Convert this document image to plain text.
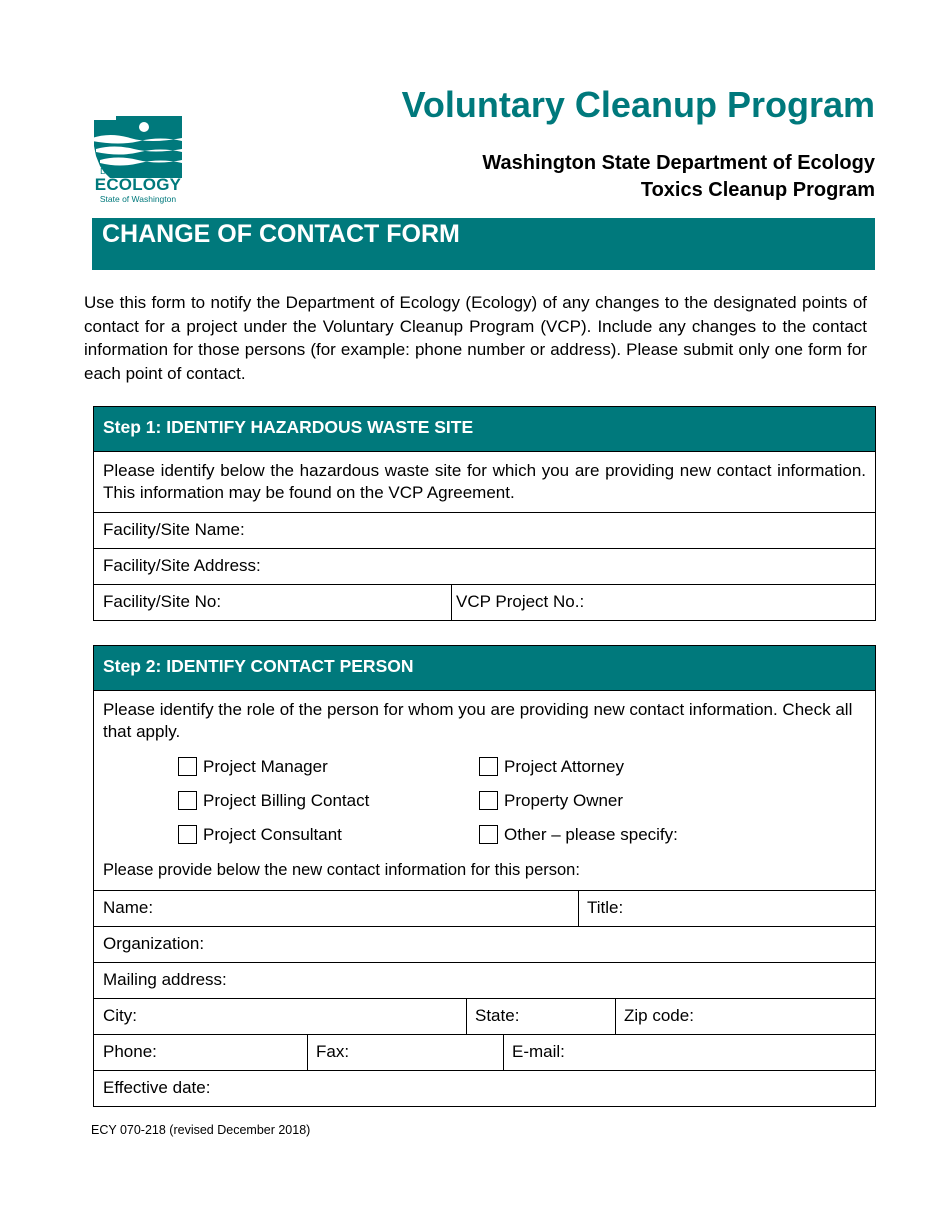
DEPARTMENT OF
ECOLOGY
State of Washington
Voluntary Cleanup Program
Washington State Department of Ecology
Toxics Cleanup Program
CHANGE OF CONTACT FORM
Use this form to notify the Department of Ecology (Ecology) of any changes to the designated points of contact for a project under the Voluntary Cleanup Program (VCP). Include any changes to the contact information for those persons (for example: phone number or address). Please submit only one form for each point of contact.
Step 1: IDENTIFY HAZARDOUS WASTE SITE
Please identify below the hazardous waste site for which you are providing new contact information. This information may be found on the VCP Agreement.
Facility/Site Name:
Facility/Site Address:
Facility/Site No:	VCP Project No.:
Step 2: IDENTIFY CONTACT PERSON
Please identify the role of the person for whom you are providing new contact information. Check all that apply.
Project Manager	Project Attorney
Project Billing Contact	Property Owner
Project Consultant	Other – please specify:
Please provide below the new contact information for this person:
Name:	Title:
Organization:
Mailing address:
City:	State:	Zip code:
Phone:	Fax:	E-mail:
Effective date:
ECY 070-218 (revised December 2018)
